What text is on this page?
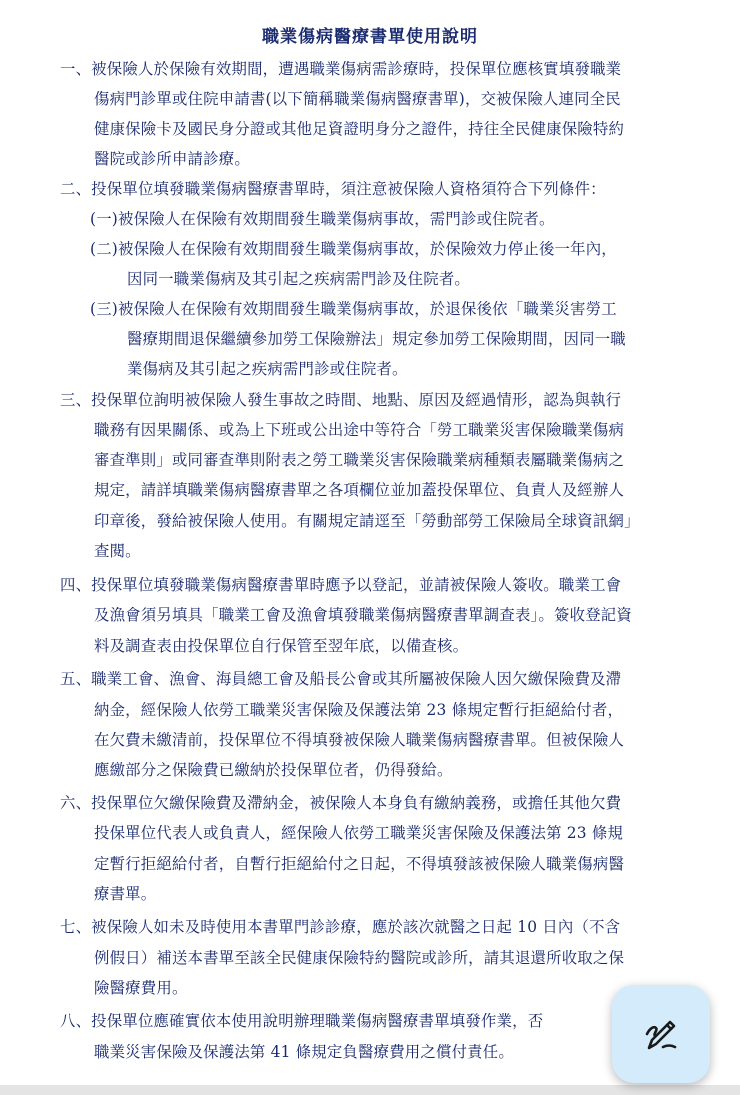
職業傷病醫療書單使用說明
一、被保險人於保險有效期間，遭遇職業傷病需診療時，投保單位應核實填發職業
傷病門診單或住院申請書(以下簡稱職業傷病醫療書單)，交被保險人連同全民
健康保險卡及國民身分證或其他足資證明身分之證件，持往全民健康保險特約
醫院或診所申請診療。
二、投保單位填發職業傷病醫療書單時，須注意被保險人資格須符合下列條件：
(一)被保險人在保險有效期間發生職業傷病事故，需門診或住院者。
(二)被保險人在保險有效期間發生職業傷病事故，於保險效力停止後一年內，
因同一職業傷病及其引起之疾病需門診及住院者。
(三)被保險人在保險有效期間發生職業傷病事故，於退保後依「職業災害勞工
醫療期間退保繼續參加勞工保險辦法」規定參加勞工保險期間，因同一職
業傷病及其引起之疾病需門診或住院者。
三、投保單位詢明被保險人發生事故之時間、地點、原因及經過情形，認為與執行
職務有因果關係、或為上下班或公出途中等符合「勞工職業災害保險職業傷病
審查準則」或同審查準則附表之勞工職業災害保險職業病種類表屬職業傷病之
規定，請詳填職業傷病醫療書單之各項欄位並加蓋投保單位、負責人及經辦人
印章後，發給被保險人使用。有關規定請逕至「勞動部勞工保險局全球資訊網」
查閱。
四、投保單位填發職業傷病醫療書單時應予以登記，並請被保險人簽收。職業工會
及漁會須另填具「職業工會及漁會填發職業傷病醫療書單調查表」。簽收登記資
料及調查表由投保單位自行保管至翌年底，以備查核。
五、職業工會、漁會、海員總工會及船長公會或其所屬被保險人因欠繳保險費及滯
納金，經保險人依勞工職業災害保險及保護法第 23 條規定暫行拒絕給付者，
在欠費未繳清前，投保單位不得填發被保險人職業傷病醫療書單。但被保險人
應繳部分之保險費已繳納於投保單位者，仍得發給。
六、投保單位欠繳保險費及滯納金，被保險人本身負有繳納義務，或擔任其他欠費
投保單位代表人或負責人，經保險人依勞工職業災害保險及保護法第 23 條規
定暫行拒絕給付者，自暫行拒絕給付之日起，不得填發該被保險人職業傷病醫
療書單。
七、被保險人如未及時使用本書單門診診療，應於該次就醫之日起 10 日內（不含
例假日）補送本書單至該全民健康保險特約醫院或診所，請其退還所收取之保
險醫療費用。
八、投保單位應確實依本使用說明辦理職業傷病醫療書單填發作業，否
職業災害保險及保護法第 41 條規定負醫療費用之償付責任。
